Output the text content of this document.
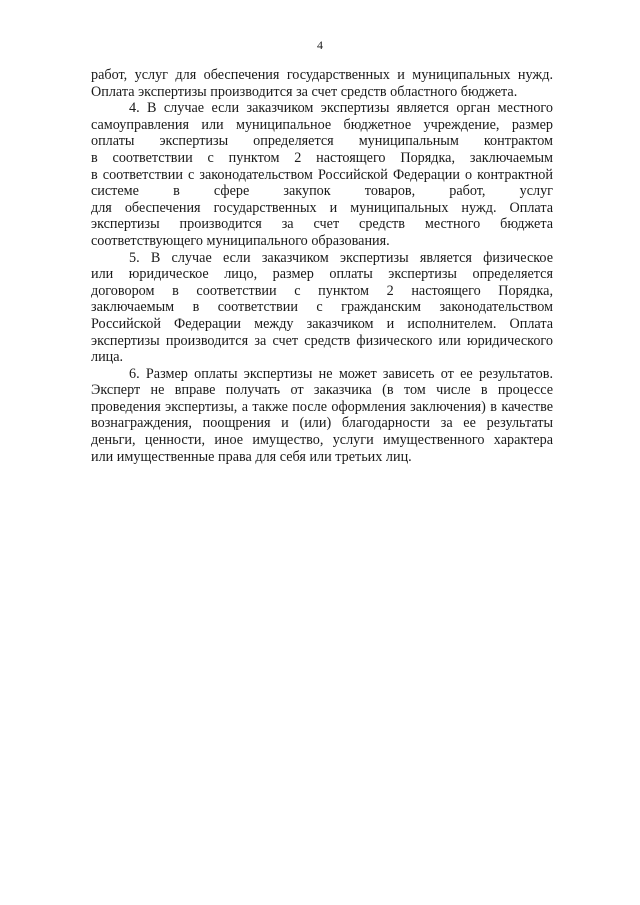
4
работ, услуг для обеспечения государственных и муниципальных нужд.
Оплата экспертизы производится за счет средств областного бюджета.
4. В случае если заказчиком экспертизы является орган местного
самоуправления или муниципальное бюджетное учреждение, размер
оплаты экспертизы определяется муниципальным контрактом
в соответствии с пунктом 2 настоящего Порядка, заключаемым
в соответствии с законодательством Российской Федерации о контрактной
системе в сфере закупок товаров, работ, услуг
для обеспечения государственных и муниципальных нужд. Оплата
экспертизы производится за счет средств местного бюджета
соответствующего муниципального образования.
5. В случае если заказчиком экспертизы является физическое
или юридическое лицо, размер оплаты экспертизы определяется
договором в соответствии с пунктом 2 настоящего Порядка,
заключаемым в соответствии с гражданским законодательством
Российской Федерации между заказчиком и исполнителем. Оплата
экспертизы производится за счет средств физического или юридического
лица.
6. Размер оплаты экспертизы не может зависеть от ее результатов.
Эксперт не вправе получать от заказчика (в том числе в процессе
проведения экспертизы, а также после оформления заключения) в качестве
вознаграждения, поощрения и (или) благодарности за ее результаты
деньги, ценности, иное имущество, услуги имущественного характера
или имущественные права для себя или третьих лиц.
